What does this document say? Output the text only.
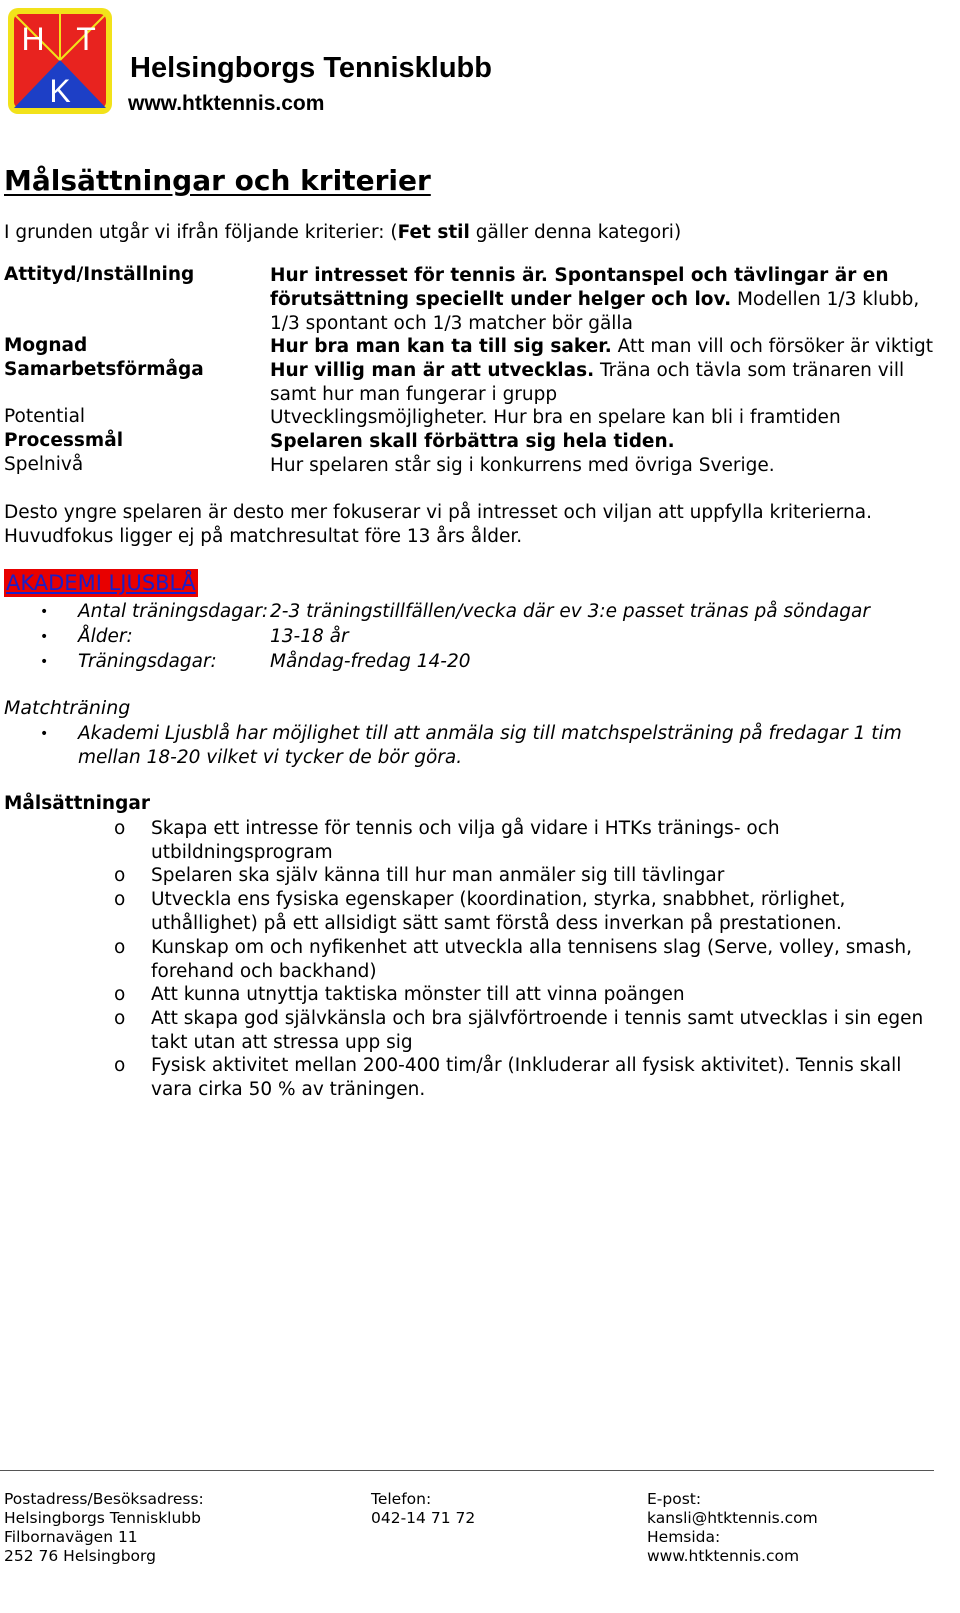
H T
K
Helsingborgs Tennisklubb
www.htktennis.com
Målsättningar och kriterier
I grunden utgår vi ifrån följande kriterier: (Fet stil gäller denna kategori)
Attityd/Inställning	Hur intresset för tennis är. Spontanspel och tävlingar är en förutsättning speciellt under helger och lov. Modellen 1/3 klubb, 1/3 spontant och 1/3 matcher bör gälla
Mognad	Hur bra man kan ta till sig saker. Att man vill och försöker är viktigt
Samarbetsförmåga	Hur villig man är att utvecklas. Träna och tävla som tränaren vill samt hur man fungerar i grupp
Potential	Utvecklingsmöjligheter. Hur bra en spelare kan bli i framtiden
Processmål	Spelaren skall förbättra sig hela tiden.
Spelnivå	Hur spelaren står sig i konkurrens med övriga Sverige.
Desto yngre spelaren är desto mer fokuserar vi på intresset och viljan att uppfylla kriterierna.
Huvudfokus ligger ej på matchresultat före 13 års ålder.
AKADEMI LJUSBLÅ
• Antal träningsdagar: 2-3 träningstillfällen/vecka där ev 3:e passet tränas på söndagar
• Ålder:	13-18 år
• Träningsdagar:	Måndag-fredag 14-20
Matchträning
• Akademi Ljusblå har möjlighet till att anmäla sig till matchspelsträning på fredagar 1 tim mellan 18-20 vilket vi tycker de bör göra.
Målsättningar
o Skapa ett intresse för tennis och vilja gå vidare i HTKs tränings- och utbildningsprogram
o Spelaren ska själv känna till hur man anmäler sig till tävlingar
o Utveckla ens fysiska egenskaper (koordination, styrka, snabbhet, rörlighet, uthållighet) på ett allsidigt sätt samt förstå dess inverkan på prestationen.
o Kunskap om och nyfikenhet att utveckla alla tennisens slag (Serve, volley, smash, forehand och backhand)
o Att kunna utnyttja taktiska mönster till att vinna poängen
o Att skapa god självkänsla och bra självförtroende i tennis samt utvecklas i sin egen takt utan att stressa upp sig
o Fysisk aktivitet mellan 200-400 tim/år (Inkluderar all fysisk aktivitet). Tennis skall vara cirka 50 % av träningen.
Postadress/Besöksadress:
Helsingborgs Tennisklubb
Filbornavägen 11
252 76 Helsingborg
Telefon:
042-14 71 72
E-post:
kansli@htktennis.com
Hemsida:
www.htktennis.com
